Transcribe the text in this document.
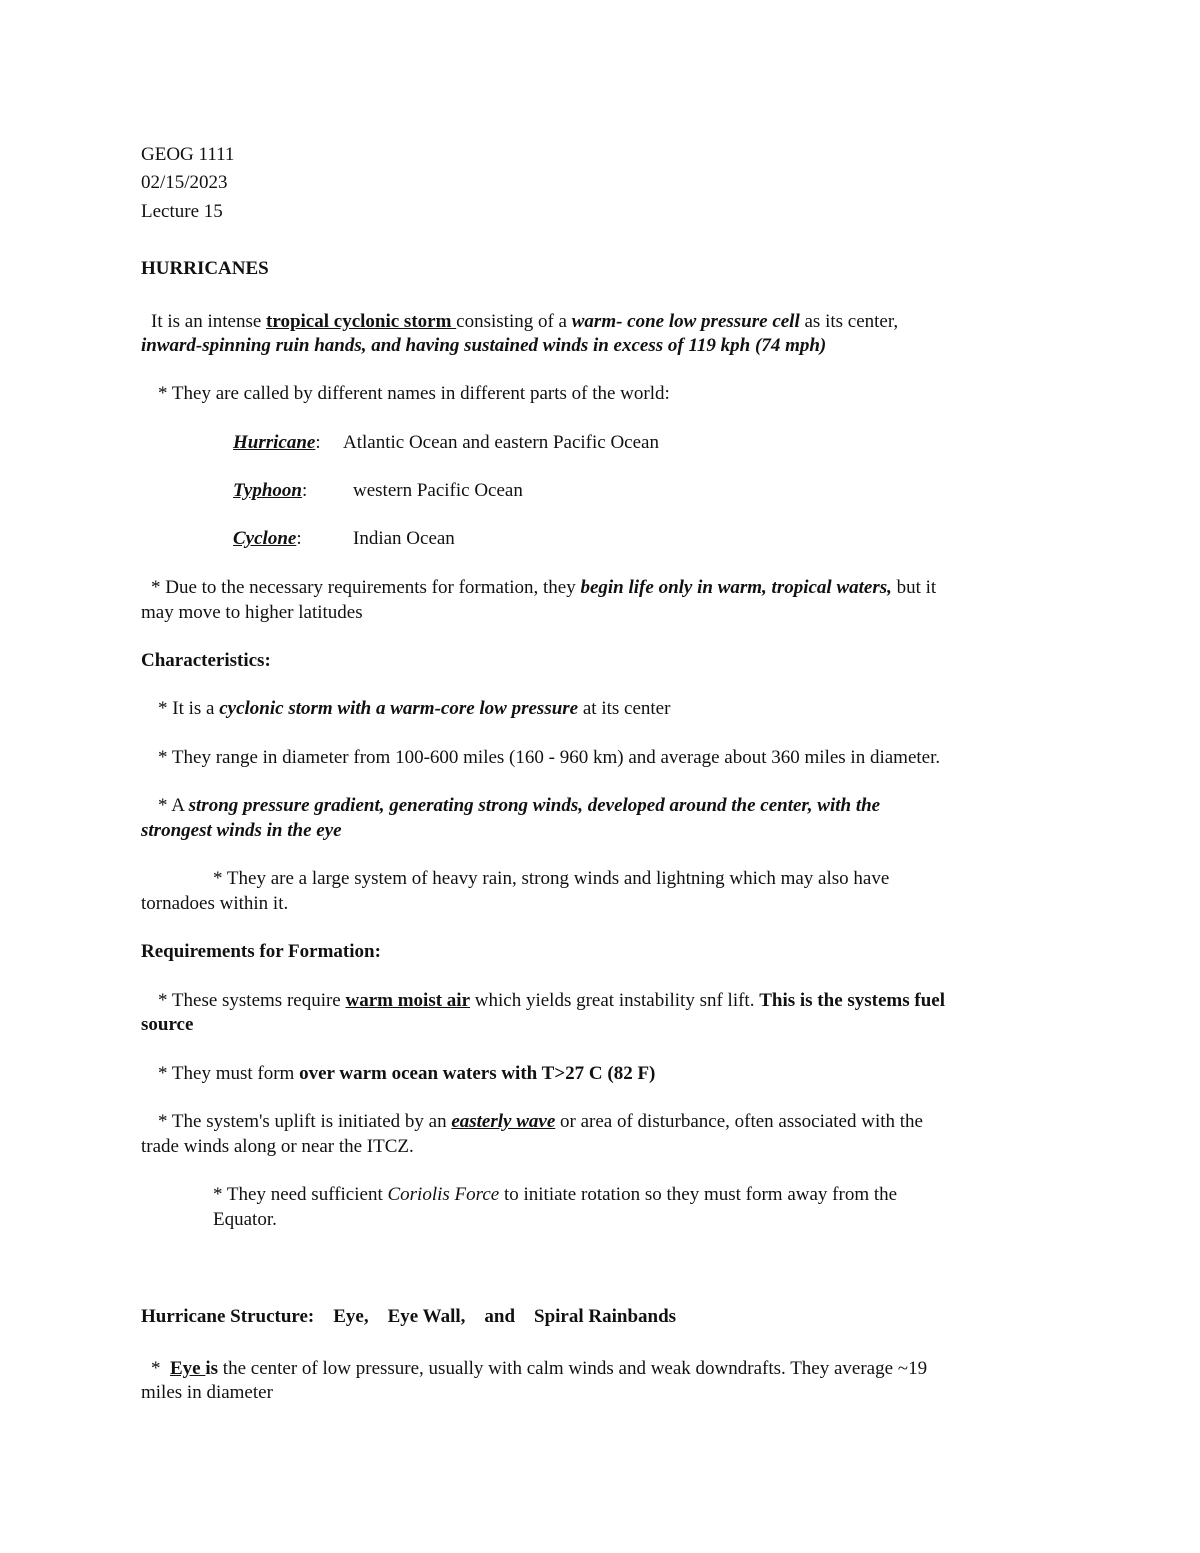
GEOG 1111
02/15/2023
Lecture 15
HURRICANES
It is an intense tropical cyclonic storm consisting of a warm- cone low pressure cell as its center,
inward-spinning ruin hands, and having sustained winds in excess of 119 kph (74 mph)
* They are called by different names in different parts of the world:
Hurricane: Atlantic Ocean and eastern Pacific Ocean
Typhoon: western Pacific Ocean
Cyclone:	Indian Ocean
* Due to the necessary requirements for formation, they begin life only in warm, tropical waters, but it
may move to higher latitudes
Characteristics:
* It is a cyclonic storm with a warm-core low pressure at its center
* They range in diameter from 100-600 miles (160 - 960 km) and average about 360 miles in diameter.
* A strong pressure gradient, generating strong winds, developed around the center, with the
strongest winds in the eye
* They are a large system of heavy rain, strong winds and lightning which may also have
tornadoes within it.
Requirements for Formation:
* These systems require warm moist air which yields great instability snf lift. This is the systems fuel
source
* They must form over warm ocean waters with T>27 C (82 F)
* The system's uplift is initiated by an easterly wave or area of disturbance, often associated with the
trade winds along or near the ITCZ.
* They need sufficient Coriolis Force to initiate rotation so they must form away from the
Equator.
Hurricane Structure:    Eye,    Eye Wall,    and    Spiral Rainbands
*  Eye is the center of low pressure, usually with calm winds and weak downdrafts. They average ~19
miles in diameter
